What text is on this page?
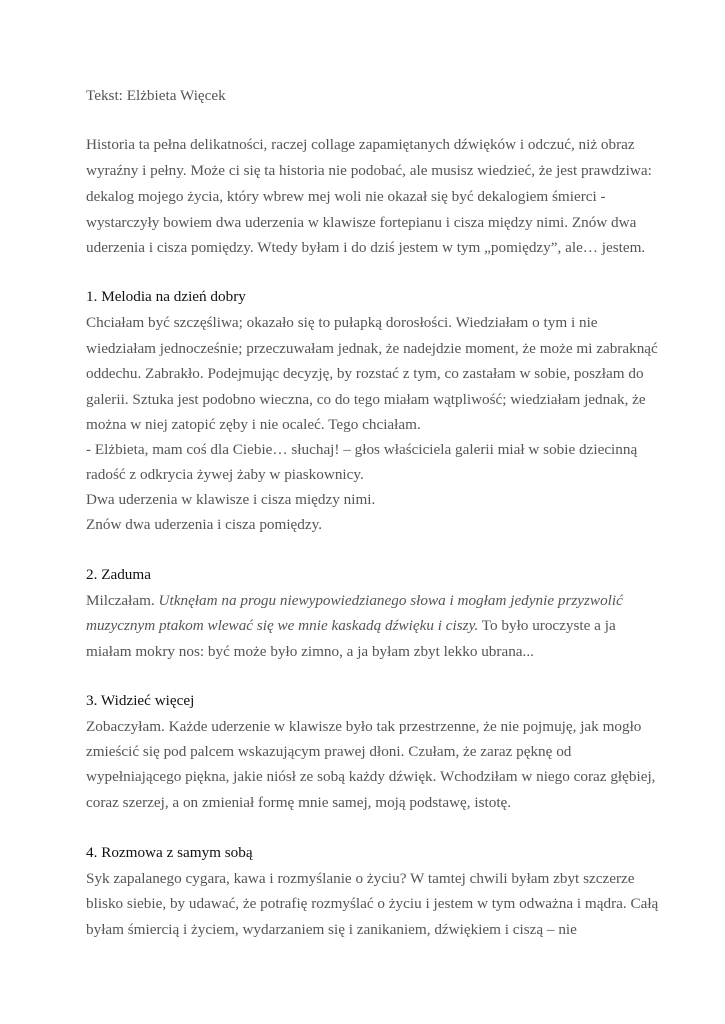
Tekst: Elżbieta Więcek
Historia ta pełna delikatności, raczej collage zapamiętanych dźwięków i odczuć, niż obraz
wyraźny i pełny. Może ci się ta historia nie podobać, ale musisz wiedzieć, że jest prawdziwa:
dekalog mojego życia, który wbrew mej woli nie okazał się być dekalogiem śmierci -
wystarczyły bowiem dwa uderzenia w klawisze fortepianu i cisza między nimi. Znów dwa
uderzenia i cisza pomiędzy. Wtedy byłam i do dziś jestem w tym „pomiędzy”, ale… jestem.
1. Melodia na dzień dobry
Chciałam być szczęśliwa; okazało się to pułapką dorosłości. Wiedziałam o tym i nie
wiedziałam jednocześnie; przeczuwałam jednak, że nadejdzie moment, że może mi zabraknąć
oddechu. Zabrakło. Podejmując decyzję, by rozstać z tym, co zastałam w sobie, poszłam do
galerii. Sztuka jest podobno wieczna, co do tego miałam wątpliwość; wiedziałam jednak, że
można w niej zatopić zęby i nie ocaleć. Tego chciałam.
- Elżbieta, mam coś dla Ciebie… słuchaj! – głos właściciela galerii miał w sobie dziecinną
radość z odkrycia żywej żaby w piaskownicy.
Dwa uderzenia w klawisze i cisza między nimi.
Znów dwa uderzenia i cisza pomiędzy.
2. Zaduma
Milczałam. Utknęłam na progu niewypowiedzianego słowa i mogłam jedynie przyzwolić
muzycznym ptakom wlewać się we mnie kaskadą dźwięku i ciszy. To było uroczyste a ja
miałam mokry nos: być może było zimno, a ja byłam zbyt lekko ubrana...
3. Widzieć więcej
Zobaczyłam. Każde uderzenie w klawisze było tak przestrzenne, że nie pojmuję, jak mogło
zmieścić się pod palcem wskazującym prawej dłoni. Czułam, że zaraz pęknę od
wypełniającego piękna, jakie niósł ze sobą każdy dźwięk. Wchodziłam w niego coraz głębiej,
coraz szerzej, a on zmieniał formę mnie samej, moją podstawę, istotę.
4. Rozmowa z samym sobą
Syk zapalanego cygara, kawa i rozmyślanie o życiu? W tamtej chwili byłam zbyt szczerze
blisko siebie, by udawać, że potrafię rozmyślać o życiu i jestem w tym odważna i mądra. Całą
byłam śmiercią i życiem, wydarzaniem się i zanikaniem, dźwiękiem i ciszą – nie
